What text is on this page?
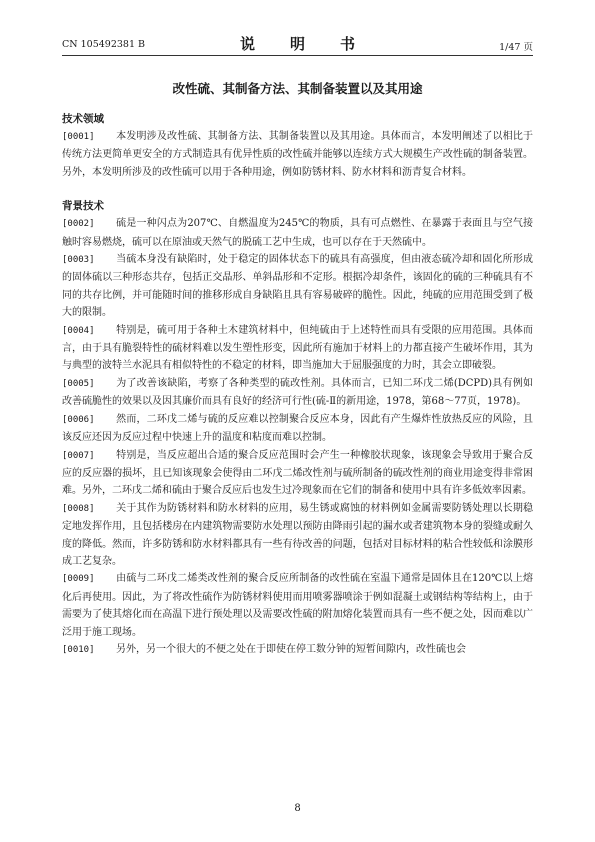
CN 105492381 B	说　明　书	1/47 页
改性硫、其制备方法、其制备装置以及其用途
技术领域

[0001] 本发明涉及改性硫、其制备方法、其制备装置以及其用途。具体而言，本发明阐述了以相比于传统方法更简单更安全的方式制造具有优异性质的改性硫并能够以连续方式大规模生产改性硫的制备装置。另外，本发明所涉及的改性硫可以用于各种用途，例如防锈材料、防水材料和沥青复合材料。

背景技术

[0002] 硫是一种闪点为207℃、自燃温度为245℃的物质，具有可点燃性、在暴露于表面且与空气接触时容易燃烧，硫可以在原油或天然气的脱硫工艺中生成，也可以存在于天然硫中。

[0003] 当硫本身没有缺陷时，处于稳定的固体状态下的硫具有高强度，但由液态硫冷却和固化所形成的固体硫以三种形态共存，包括正交晶形、单斜晶形和不定形。根据冷却条件，该固化的硫的三种硫具有不同的共存比例，并可能随时间的推移形成自身缺陷且具有容易破碎的脆性。因此，纯硫的应用范围受到了极大的限制。

[0004] 特别是，硫可用于各种土木建筑材料中，但纯硫由于上述特性而具有受限的应用范围。具体而言，由于具有脆裂特性的硫材料难以发生塑性形变，因此所有施加于材料上的力都直接产生破坏作用，其为与典型的波特兰水泥具有相似特性的不稳定的材料，即当施加大于屈服强度的力时，其会立即破裂。

[0005] 为了改善该缺陷，考察了各种类型的硫改性剂。具体而言，已知二环戊二烯(DCPD)具有例如改善硫脆性的效果以及因其廉价而具有良好的经济可行性(硫-Ⅱ的新用途，1978，第68～77页，1978)。

[0006] 然而，二环戊二烯与硫的反应难以控制聚合反应本身，因此有产生爆炸性放热反应的风险，且该反应还因为反应过程中快速上升的温度和粘度而难以控制。

[0007] 特别是，当反应超出合适的聚合反应范围时会产生一种橡胶状现象，该现象会导致用于聚合反应的反应器的损坏，且已知该现象会使得由二环戊二烯改性剂与硫所制备的硫改性剂的商业用途变得非常困难。另外，二环戊二烯和硫由于聚合反应后也发生过冷现象而在它们的制备和使用中具有许多低效率因素。

[0008] 关于其作为防锈材料和防水材料的应用，易生锈或腐蚀的材料例如金属需要防锈处理以长期稳定地发挥作用，且包括楼房在内建筑物需要防水处理以预防由降雨引起的漏水或者建筑物本身的裂缝或耐久度的降低。然而，许多防锈和防水材料都具有一些有待改善的问题，包括对目标材料的粘合性较低和涂膜形成工艺复杂。

[0009] 由硫与二环戊二烯类改性剂的聚合反应所制备的改性硫在室温下通常是固体且在120℃以上熔化后再使用。因此，为了将改性硫作为防锈材料使用而用喷雾器喷涂于例如混凝土或钢结构等结构上，由于需要为了使其熔化而在高温下进行预处理以及需要改性硫的附加熔化装置而具有一些不便之处，因而难以广泛用于施工现场。

[0010] 另外，另一个很大的不便之处在于即使在停工数分钟的短暂间隙内，改性硫也会

8
